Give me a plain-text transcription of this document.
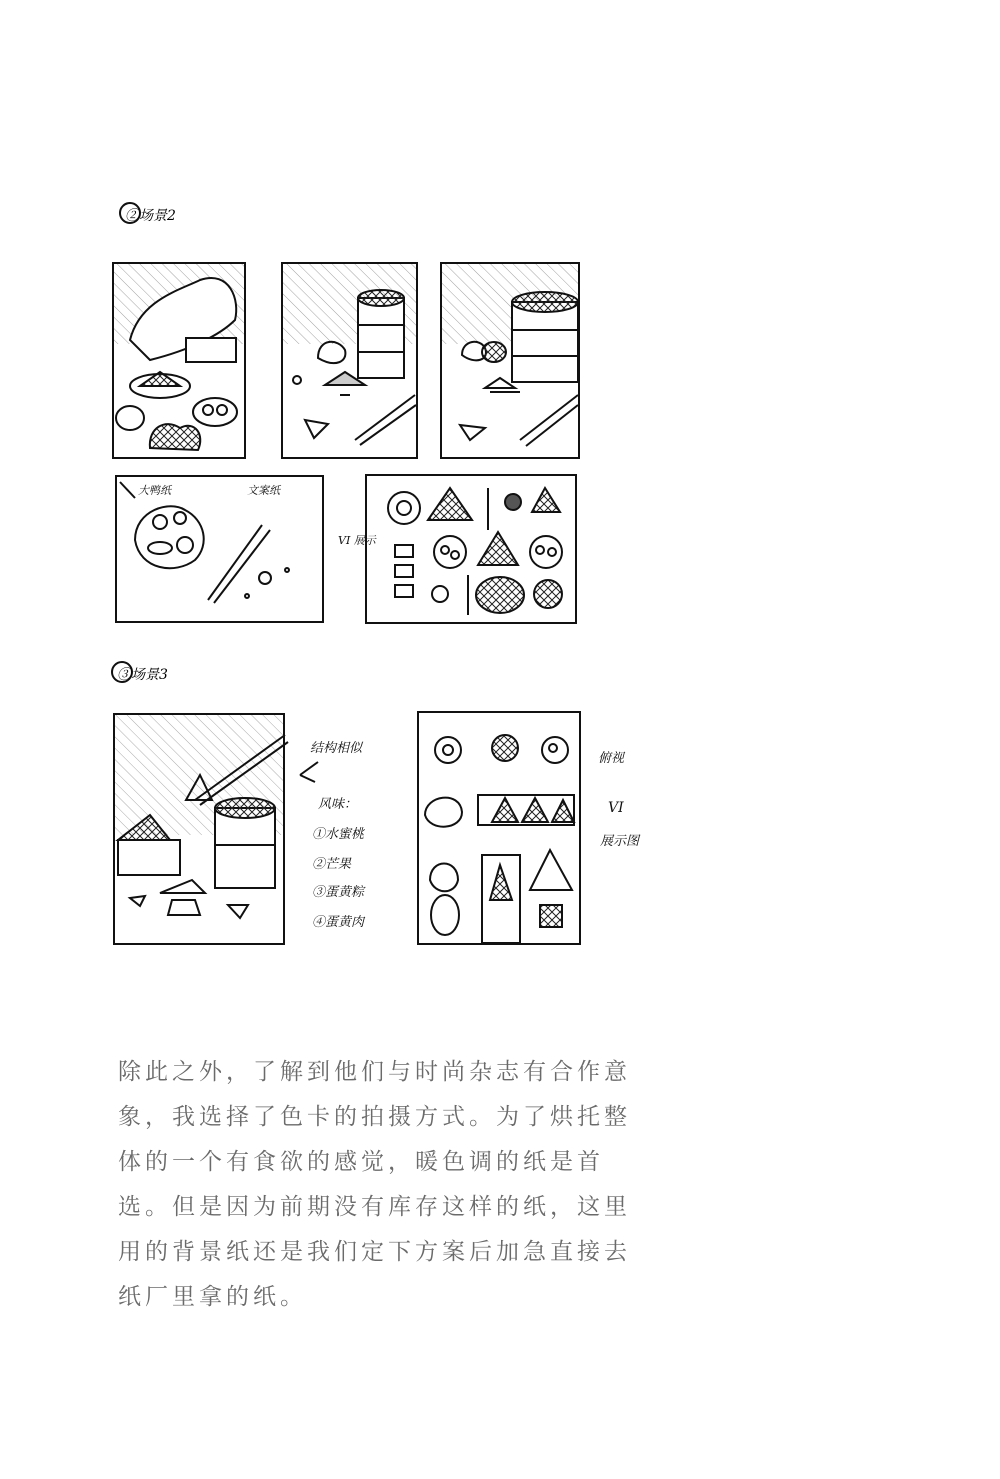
②场景2
大鸭纸	文案纸
VI 展示
③场景3
结构相似
风味：
①水蜜桃
②芒果
③蛋黄粽
④蛋黄肉
俯视
VI
展示图
除此之外，了解到他们与时尚杂志有合作意
象，我选择了色卡的拍摄方式。为了烘托整
体的一个有食欲的感觉，暖色调的纸是首
选。但是因为前期没有库存这样的纸，这里
用的背景纸还是我们定下方案后加急直接去
纸厂里拿的纸。
